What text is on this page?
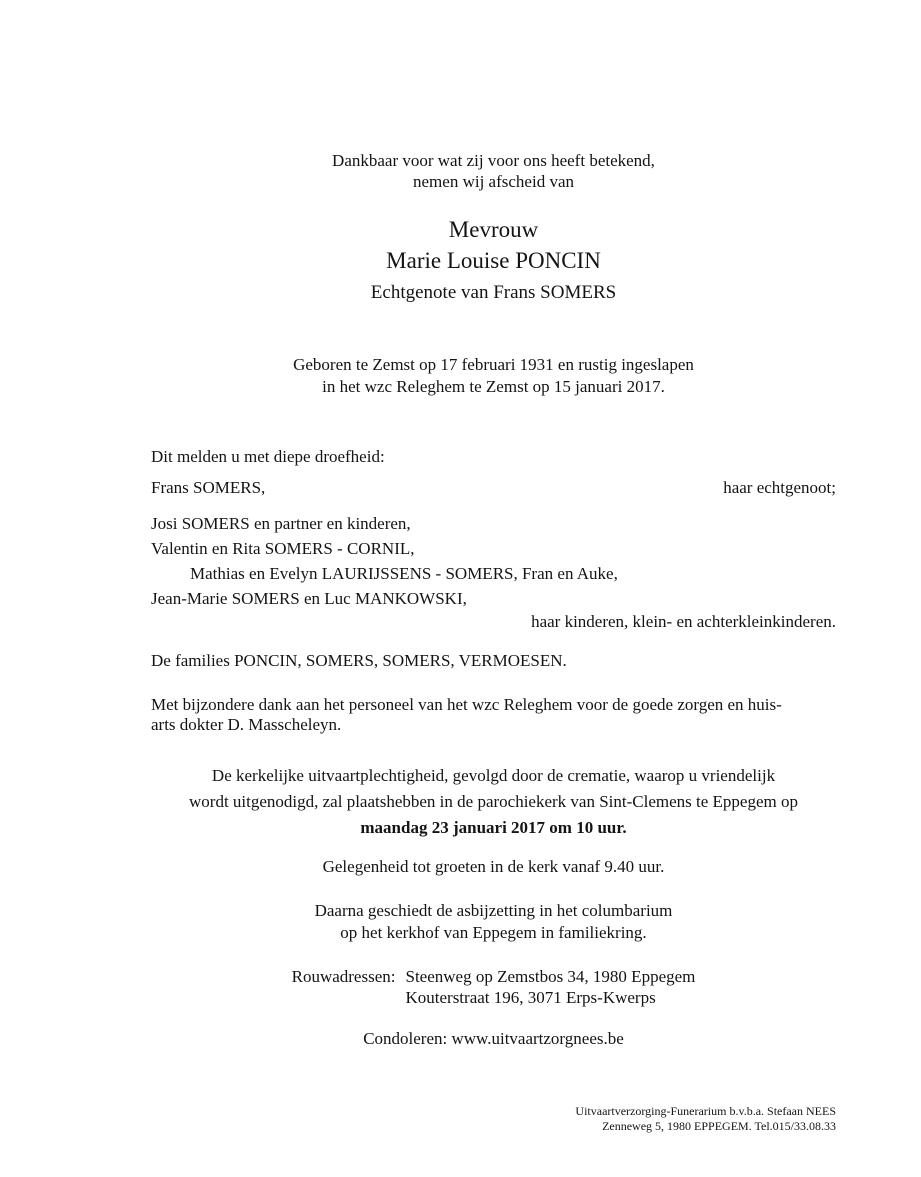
Dankbaar voor wat zij voor ons heeft betekend,

nemen wij afscheid van

Mevrouw
Marie Louise PONCIN
Echtgenote van Frans SOMERS

Geboren te Zemst op 17 februari 1931 en rustig ingeslapen

in het wzc Releghem te Zemst op 15 januari 2017.

Dit melden u met diepe droefheid:

Frans SOMERS,	haar echtgenoot;

Josi SOMERS en partner en kinderen,

Valentin en Rita SOMERS - CORNIL,

Mathias en Evelyn LAURIJSSENS - SOMERS, Fran en Auke,

Jean-Marie SOMERS en Luc MANKOWSKI,

haar kinderen, klein- en achterkleinkinderen.

De families PONCIN, SOMERS, SOMERS, VERMOESEN.

Met bijzondere dank aan het personeel van het wzc Releghem voor de goede zorgen en huis-

arts dokter D. Masscheleyn.

De kerkelijke uitvaartplechtigheid, gevolgd door de crematie, waarop u vriendelijk

wordt uitgenodigd, zal plaatshebben in de parochiekerk van Sint-Clemens te Eppegem op

maandag 23 januari 2017 om 10 uur.

Gelegenheid tot groeten in de kerk vanaf 9.40 uur.

Daarna geschiedt de asbijzetting in het columbarium

op het kerkhof van Eppegem in familiekring.

Rouwadressen: Steenweg op Zemstbos 34, 1980 Eppegem

Kouterstraat 196, 3071 Erps-Kwerps

Condoleren: www.uitvaartzorgnees.be

Uitvaartverzorging-Funerarium b.v.b.a. Stefaan NEES

Zenneweg 5, 1980 EPPEGEM. Tel.015/33.08.33
